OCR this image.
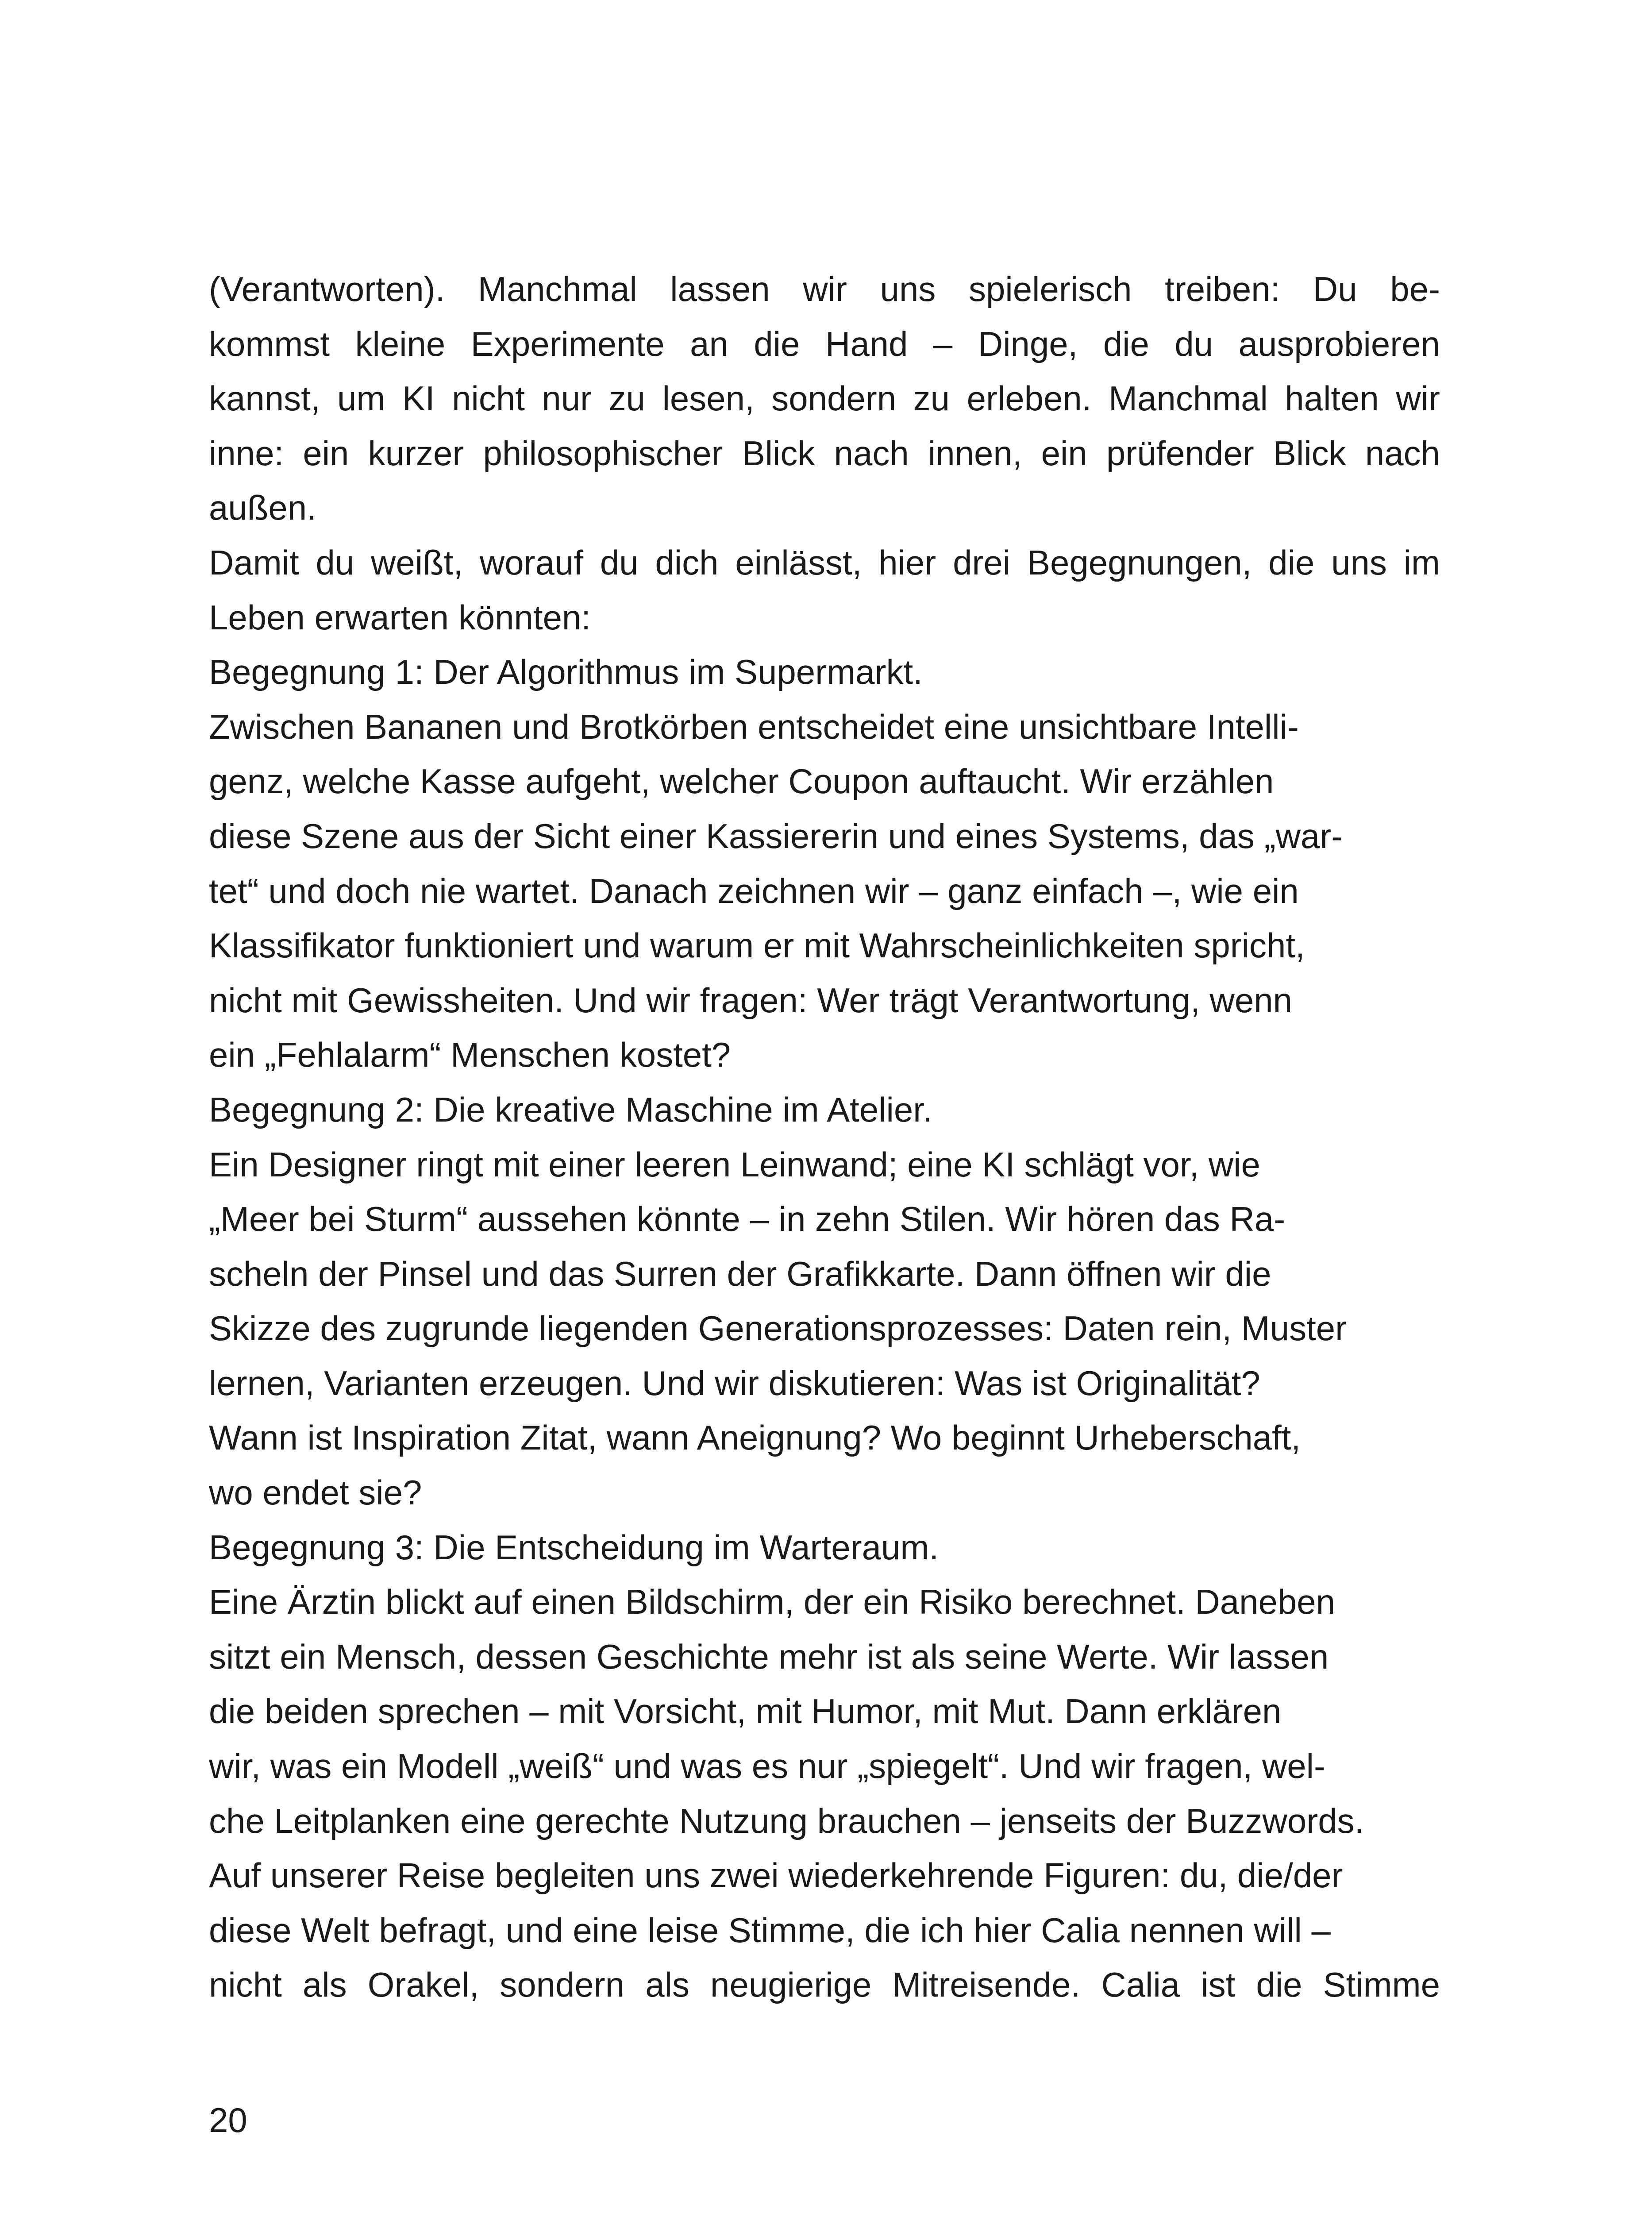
(Verantworten). Manchmal lassen wir uns spielerisch treiben: Du be-
kommst kleine Experimente an die Hand – Dinge, die du ausprobieren
kannst, um KI nicht nur zu lesen, sondern zu erleben. Manchmal halten wir
inne: ein kurzer philosophischer Blick nach innen, ein prüfender Blick nach
außen.
Damit du weißt, worauf du dich einlässt, hier drei Begegnungen, die uns im
Leben erwarten könnten:
Begegnung 1: Der Algorithmus im Supermarkt.
Zwischen Bananen und Brotkörben entscheidet eine unsichtbare Intelli-
genz, welche Kasse aufgeht, welcher Coupon auftaucht. Wir erzählen
diese Szene aus der Sicht einer Kassiererin und eines Systems, das „war-
tet“ und doch nie wartet. Danach zeichnen wir – ganz einfach –, wie ein
Klassifikator funktioniert und warum er mit Wahrscheinlichkeiten spricht,
nicht mit Gewissheiten. Und wir fragen: Wer trägt Verantwortung, wenn
ein „Fehlalarm“ Menschen kostet?
Begegnung 2: Die kreative Maschine im Atelier.
Ein Designer ringt mit einer leeren Leinwand; eine KI schlägt vor, wie
„Meer bei Sturm“ aussehen könnte – in zehn Stilen. Wir hören das Ra-
scheln der Pinsel und das Surren der Grafikkarte. Dann öffnen wir die
Skizze des zugrunde liegenden Generationsprozesses: Daten rein, Muster
lernen, Varianten erzeugen. Und wir diskutieren: Was ist Originalität?
Wann ist Inspiration Zitat, wann Aneignung? Wo beginnt Urheberschaft,
wo endet sie?
Begegnung 3: Die Entscheidung im Warteraum.
Eine Ärztin blickt auf einen Bildschirm, der ein Risiko berechnet. Daneben
sitzt ein Mensch, dessen Geschichte mehr ist als seine Werte. Wir lassen
die beiden sprechen – mit Vorsicht, mit Humor, mit Mut. Dann erklären
wir, was ein Modell „weiß“ und was es nur „spiegelt“. Und wir fragen, wel-
che Leitplanken eine gerechte Nutzung brauchen – jenseits der Buzzwords.
Auf unserer Reise begleiten uns zwei wiederkehrende Figuren: du, die/der
diese Welt befragt, und eine leise Stimme, die ich hier Calia nennen will –
nicht als Orakel, sondern als neugierige Mitreisende. Calia ist die Stimme
20
